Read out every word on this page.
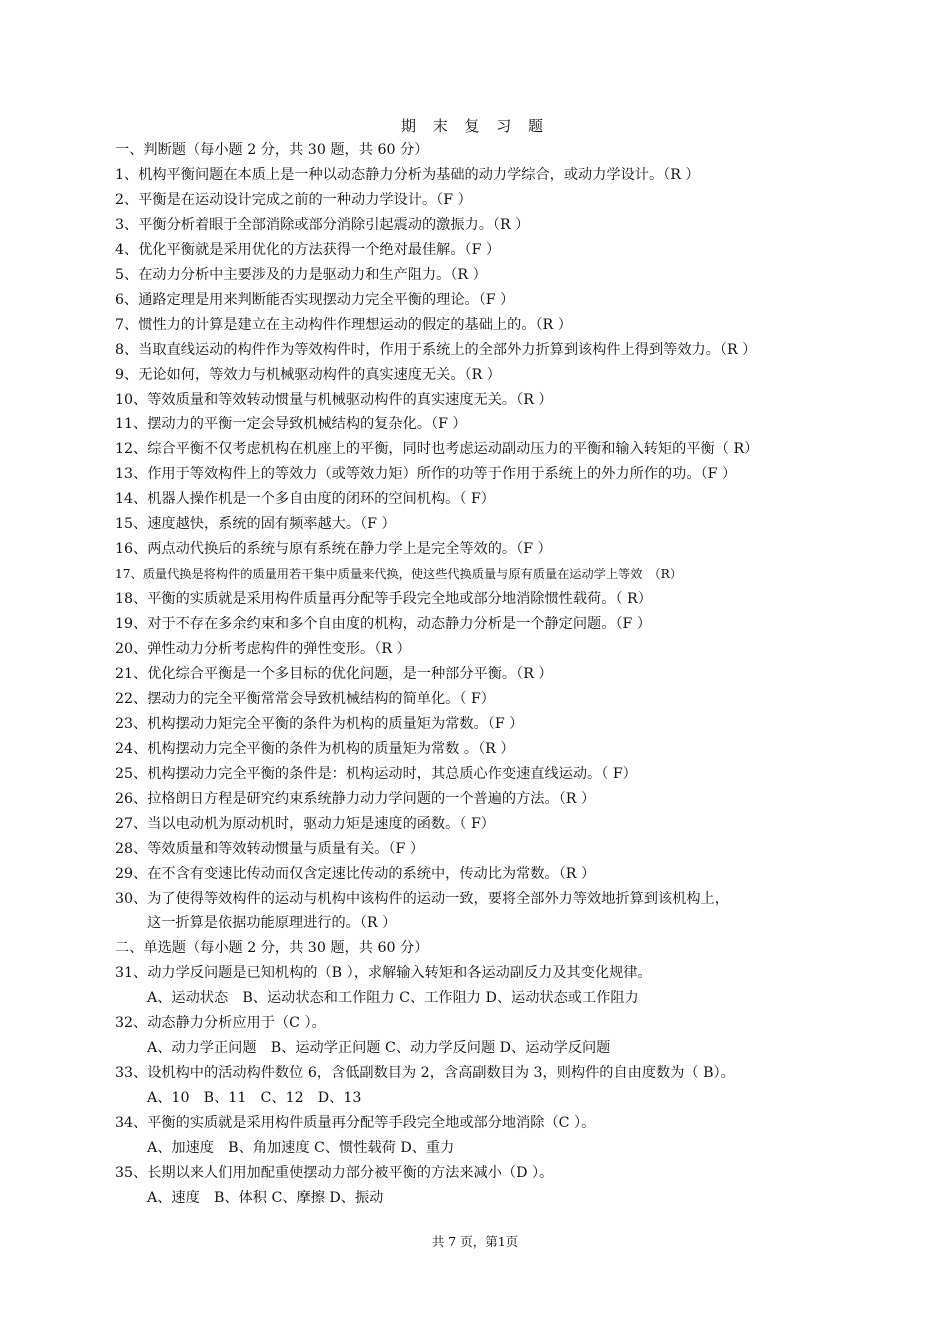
期 末 复 习 题
一、判断题（每小题 2 分，共 30 题，共 60 分）
1、机构平衡问题在本质上是一种以动态静力分析为基础的动力学综合，或动力学设计。（R ）
2、平衡是在运动设计完成之前的一种动力学设计。（F ）
3、平衡分析着眼于全部消除或部分消除引起震动的激振力。（R ）
4、优化平衡就是采用优化的方法获得一个绝对最佳解。（F ）
5、在动力分析中主要涉及的力是驱动力和生产阻力。（R ）
6、通路定理是用来判断能否实现摆动力完全平衡的理论。（F ）
7、惯性力的计算是建立在主动构件作理想运动的假定的基础上的。（R ）
8、当取直线运动的构件作为等效构件时，作用于系统上的全部外力折算到该构件上得到等效力。（R ）
9、无论如何，等效力与机械驱动构件的真实速度无关。（R ）
10、等效质量和等效转动惯量与机械驱动构件的真实速度无关。（R ）
11、摆动力的平衡一定会导致机械结构的复杂化。（F ）
12、综合平衡不仅考虑机构在机座上的平衡，同时也考虑运动副动压力的平衡和输入转矩的平衡（ R）
13、作用于等效构件上的等效力（或等效力矩）所作的功等于作用于系统上的外力所作的功。（F ）
14、机器人操作机是一个多自由度的闭环的空间机构。（ F）
15、速度越快，系统的固有频率越大。（F ）
16、两点动代换后的系统与原有系统在静力学上是完全等效的。（F ）
17、质量代换是将构件的质量用若干集中质量来代换，使这些代换质量与原有质量在运动学上等效　（R）
18、平衡的实质就是采用构件质量再分配等手段完全地或部分地消除惯性载荷。（ R）
19、对于不存在多余约束和多个自由度的机构，动态静力分析是一个静定问题。（F ）
20、弹性动力分析考虑构件的弹性变形。（R ）
21、优化综合平衡是一个多目标的优化问题，是一种部分平衡。（R ）
22、摆动力的完全平衡常常会导致机械结构的简单化。（ F）
23、机构摆动力矩完全平衡的条件为机构的质量矩为常数。（F ）
24、机构摆动力完全平衡的条件为机构的质量矩为常数 。（R ）
25、机构摆动力完全平衡的条件是：机构运动时，其总质心作变速直线运动。（ F）
26、拉格朗日方程是研究约束系统静力动力学问题的一个普遍的方法。（R ）
27、当以电动机为原动机时，驱动力矩是速度的函数。（ F）
28、等效质量和等效转动惯量与质量有关。（F ）
29、在不含有变速比传动而仅含定速比传动的系统中，传动比为常数。（R ）
30、为了使得等效构件的运动与机构中该构件的运动一致，要将全部外力等效地折算到该机构上，
这一折算是依据功能原理进行的。（R ）
二、单选题（每小题 2 分，共 30 题，共 60 分）
31、动力学反问题是已知机构的（B ），求解输入转矩和各运动副反力及其变化规律。
A、运动状态　B、运动状态和工作阻力 C、工作阻力 D、运动状态或工作阻力
32、动态静力分析应用于（C ）。
A、动力学正问题　B、运动学正问题 C、动力学反问题 D、运动学反问题
33、设机构中的活动构件数位 6，含低副数目为 2，含高副数目为 3，则构件的自由度数为（ B）。
A、10　B、11　C、12　D、13
34、平衡的实质就是采用构件质量再分配等手段完全地或部分地消除（C ）。
A、加速度　B、角加速度 C、惯性载荷 D、重力
35、长期以来人们用加配重使摆动力部分被平衡的方法来减小（D ）。
A、速度　B、体积 C、摩擦 D、振动
共 7 页，第1页
